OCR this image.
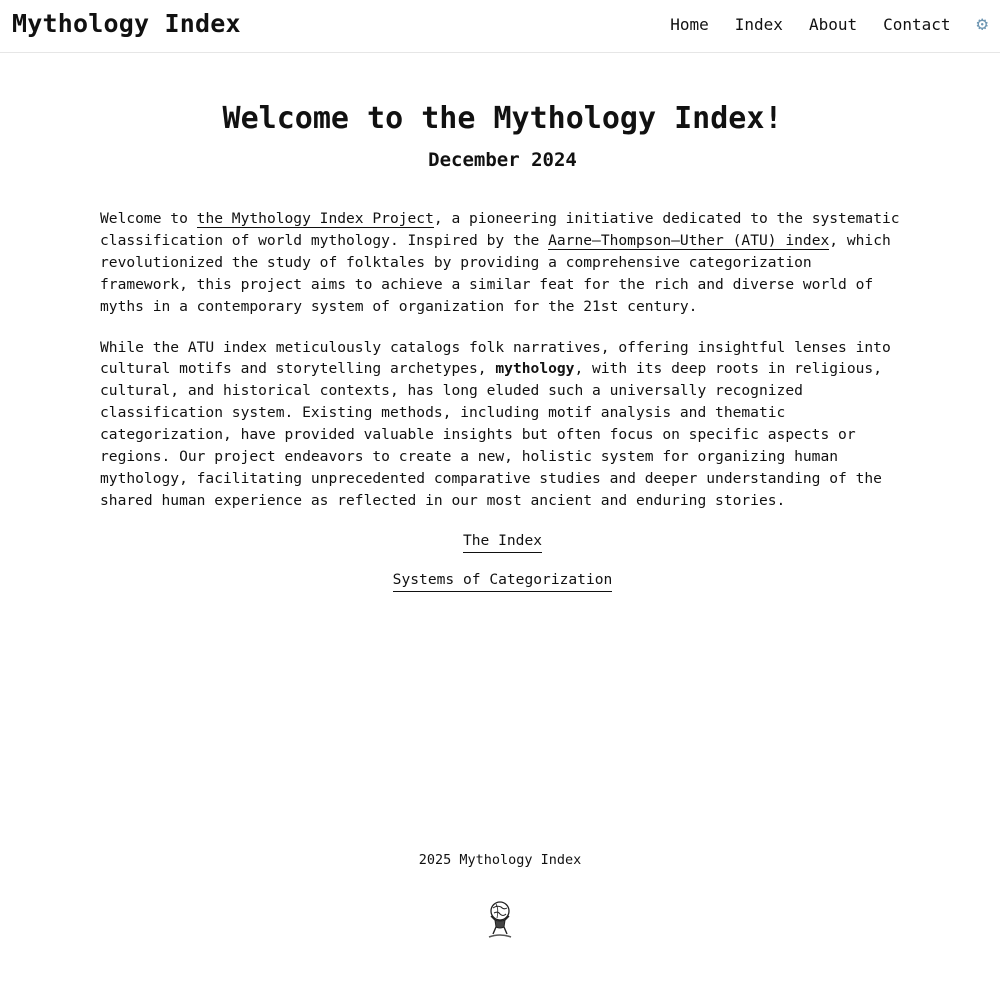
Mythology Index	Home Index About Contact ⚙
Welcome to the Mythology Index!
December 2024

Welcome to the Mythology Index Project, a pioneering initiative dedicated to the systematic classification of world mythology. Inspired by the Aarne–Thompson–Uther (ATU) index, which revolutionized the study of folktales by providing a comprehensive categorization framework, this project aims to achieve a similar feat for the rich and diverse world of myths in a contemporary system of organization for the 21st century.

While the ATU index meticulously catalogs folk narratives, offering insightful lenses into cultural motifs and storytelling archetypes, mythology, with its deep roots in religious, cultural, and historical contexts, has long eluded such a universally recognized classification system. Existing methods, including motif analysis and thematic categorization, have provided valuable insights but often focus on specific aspects or regions. Our project endeavors to create a new, holistic system for organizing human mythology, facilitating unprecedented comparative studies and deeper understanding of the shared human experience as reflected in our most ancient and enduring stories.

The Index
Systems of Categorization
2025 Mythology Index
